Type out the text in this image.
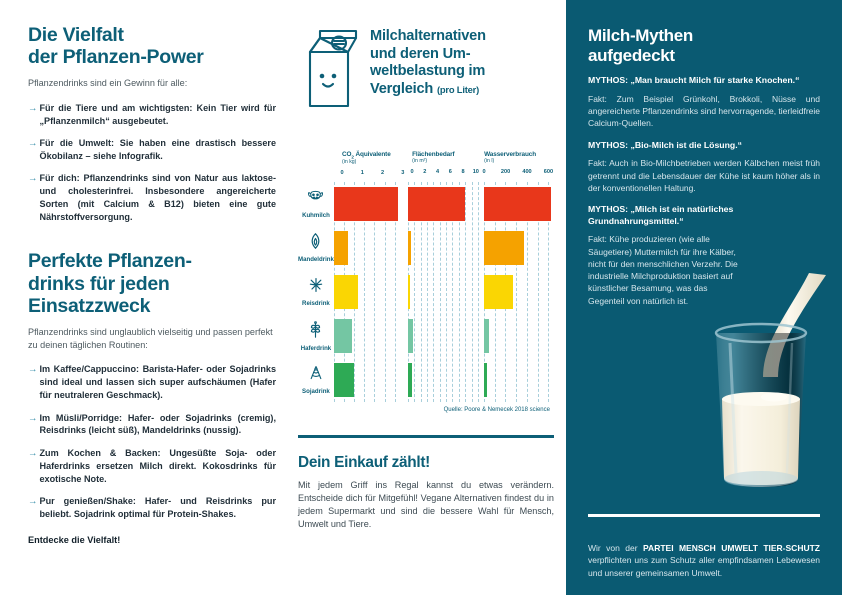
Die Vielfalt
der Pflanzen-Power
Pflanzendrinks sind ein Gewinn für alle:
→ Für die Tiere und am wichtigsten: Kein Tier wird für „Pflanzenmilch“ ausgebeutet.
→ Für die Umwelt: Sie haben eine drastisch bessere Ökobilanz – siehe Infografik.
→ Für dich: Pflanzendrinks sind von Natur aus laktose- und cholesterinfrei. Insbesondere angereicherte Sorten (mit Calcium & B12) bieten eine gute Nährstoffversorgung.
Perfekte Pflanzen-
drinks für jeden
Einsatzzweck
Pflanzendrinks sind unglaublich vielseitig und passen perfekt zu deinen täglichen Routinen:
→ Im Kaffee/Cappuccino: Barista-Hafer- oder Sojadrinks sind ideal und lassen sich super aufschäumen (Hafer für neutraleren Geschmack).
→ Im Müsli/Porridge: Hafer- oder Sojadrinks (cremig), Reisdrinks (leicht süß), Mandeldrinks (nussig).
→ Zum Kochen & Backen: Ungesüßte Soja- oder Haferdrinks ersetzen Milch direkt. Kokosdrinks für exotische Note.
→ Pur genießen/Shake: Hafer- und Reisdrinks pur beliebt. Sojadrink optimal für Protein-Shakes.
Entdecke die Vielfalt!
Milchalternativen
und deren Um-
weltbelastung im
Vergleich (pro Liter)
$CO_2$ Äquivalente
(in kg)
0	1	2	3
Flächenbedarf
(in m²)
0 2 4 6 8 10
Wasserverbrauch
(in l)
0	200 400 600
Kuhmilch
Mandeldrink
Reisdrink
Haferdrink
Sojadrink
Quelle: Poore & Nemecek 2018 science
Dein Einkauf zählt!
Mit jedem Griff ins Regal kannst du etwas verändern. Entscheide dich für Mitgefühl! Vegane Alternativen findest du in jedem Supermarkt und sind die bessere Wahl für Mensch, Umwelt und Tiere.
Milch-Mythen
aufgedeckt
MYTHOS: „Man braucht Milch für starke Knochen.“
Fakt: Zum Beispiel Grünkohl, Brokkoli, Nüsse und angereicherte Pflanzendrinks sind hervorragende, tierleidfreie Calcium-Quellen.
MYTHOS: „Bio-Milch ist die Lösung.“
Fakt: Auch in Bio-Milchbetrieben werden Kälbchen meist früh getrennt und die Lebensdauer der Kühe ist kaum höher als in der konventionellen Haltung.
MYTHOS: „Milch ist ein natürliches Grundnahrungsmittel.“
Fakt: Kühe produzieren (wie alle Säugetiere) Muttermilch für ihre Kälber, nicht für den menschlichen Verzehr. Die industrielle Milchproduktion basiert auf künstlicher Besamung, was das Gegenteil von natürlich ist.
Wir von der PARTEI MENSCH UMWELT TIER-SCHUTZ verpflichten uns zum Schutz aller empfindsamen Lebewesen und unserer gemeinsamen Umwelt.
